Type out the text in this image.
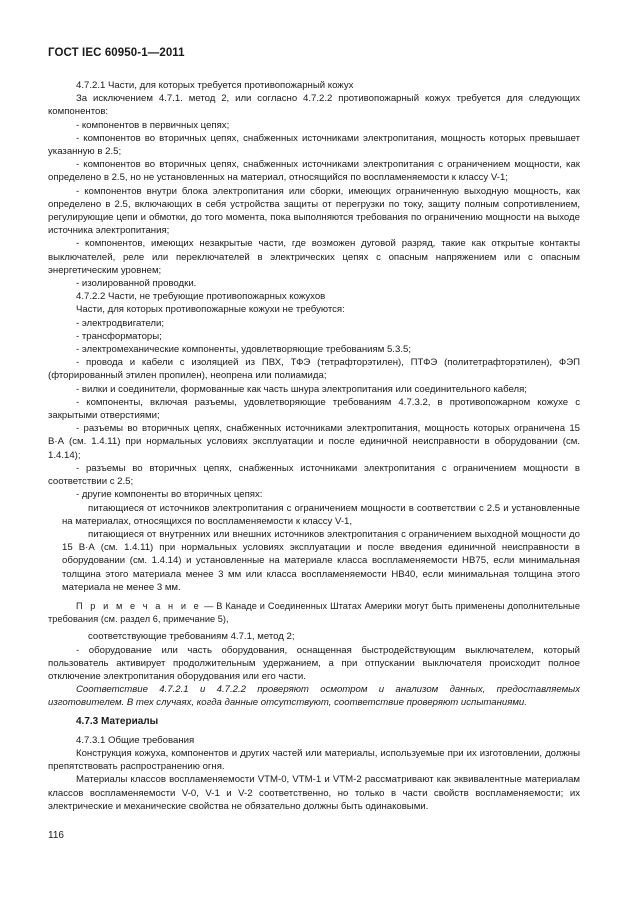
ГОСТ IEC 60950-1—2011

4.7.2.1 Части, для которых требуется противопожарный кожух

За исключением 4.7.1. метод 2, или согласно 4.7.2.2 противопожарный кожух требуется для следующих компонентов:

- компонентов в первичных цепях;

- компонентов во вторичных цепях, снабженных источниками электропитания, мощность которых превышает указанную в 2.5;

- компонентов во вторичных цепях, снабженных источниками электропитания с ограничением мощности, как определено в 2.5, но не установленных на материал, относящийся по воспламеняемости к классу V-1;

- компонентов внутри блока электропитания или сборки, имеющих ограниченную выходную мощность, как определено в 2.5, включающих в себя устройства защиты от перегрузки по току, защиту полным сопротивлением, регулирующие цепи и обмотки, до того момента, пока выполняются требования по ограничению мощности на выходе источника электропитания;

- компонентов, имеющих незакрытые части, где возможен дуговой разряд, такие как открытые контакты выключателей, реле или переключателей в электрических цепях с опасным напряжением или с опасным энергетическим уровнем;

- изолированной проводки.

4.7.2.2 Части, не требующие противопожарных кожухов

Части, для которых противопожарные кожухи не требуются:

- электродвигатели;

- трансформаторы;

- электромеханические компоненты, удовлетворяющие требованиям 5.3.5;

- провода и кабели с изоляцией из ПВХ, ТФЭ (тетрафторэтилен), ПТФЭ (политетрафторэтилен), ФЭП (фторированный этилен пропилен), неопрена или полиамида;

- вилки и соединители, формованные как часть шнура электропитания или соединительного кабеля;

- компоненты, включая разъемы, удовлетворяющие требованиям 4.7.3.2, в противопожарном кожухе с закрытыми отверстиями;

- разъемы во вторичных цепях, снабженных источниками электропитания, мощность которых ограничена 15 В·А (см. 1.4.11) при нормальных условиях эксплуатации и после единичной неисправности в оборудовании (см. 1.4.14);

- разъемы во вторичных цепях, снабженных источниками электропитания с ограничением мощности в соответствии с 2.5;

- другие компоненты во вторичных цепях:

питающиеся от источников электропитания с ограничением мощности в соответствии с 2.5 и установленные на материалах, относящихся по воспламеняемости к классу V-1,

питающиеся от внутренних или внешних источников электропитания с ограничением выходной мощности до 15 В·А (см. 1.4.11) при нормальных условиях эксплуатации и после введения единичной неисправности в оборудовании (см. 1.4.14) и установленные на материале класса воспламеняемости НВ75, если минимальная толщина этого материала менее 3 мм или класса воспламеняемости НВ40, если минимальная толщина этого материала не менее 3 мм.

П р и м е ч а н и е — В Канаде и Соединенных Штатах Америки могут быть применены дополнительные требования (см. раздел 6, примечание 5),

соответствующие требованиям 4.7.1, метод 2;

- оборудование или часть оборудования, оснащенная быстродействующим выключателем, который пользователь активирует продолжительным удержанием, а при отпускании выключателя происходит полное отключение электропитания оборудования или его части.

Соответствие 4.7.2.1 и 4.7.2.2 проверяют осмотром и анализом данных, предоставляемых изготовителем. В тех случаях, когда данные отсутствуют, соответствие проверяют испытаниями.

4.7.3 Материалы

4.7.3.1 Общие требования

Конструкция кожуха, компонентов и других частей или материалы, используемые при их изготовлении, должны препятствовать распространению огня.

Материалы классов воспламеняемости VTM-0, VTM-1 и VTM-2 рассматривают как эквивалентные материалам классов воспламеняемости V-0, V-1 и V-2 соответственно, но только в части свойств воспламеняемости; их электрические и механические свойства не обязательно должны быть одинаковыми.

116
